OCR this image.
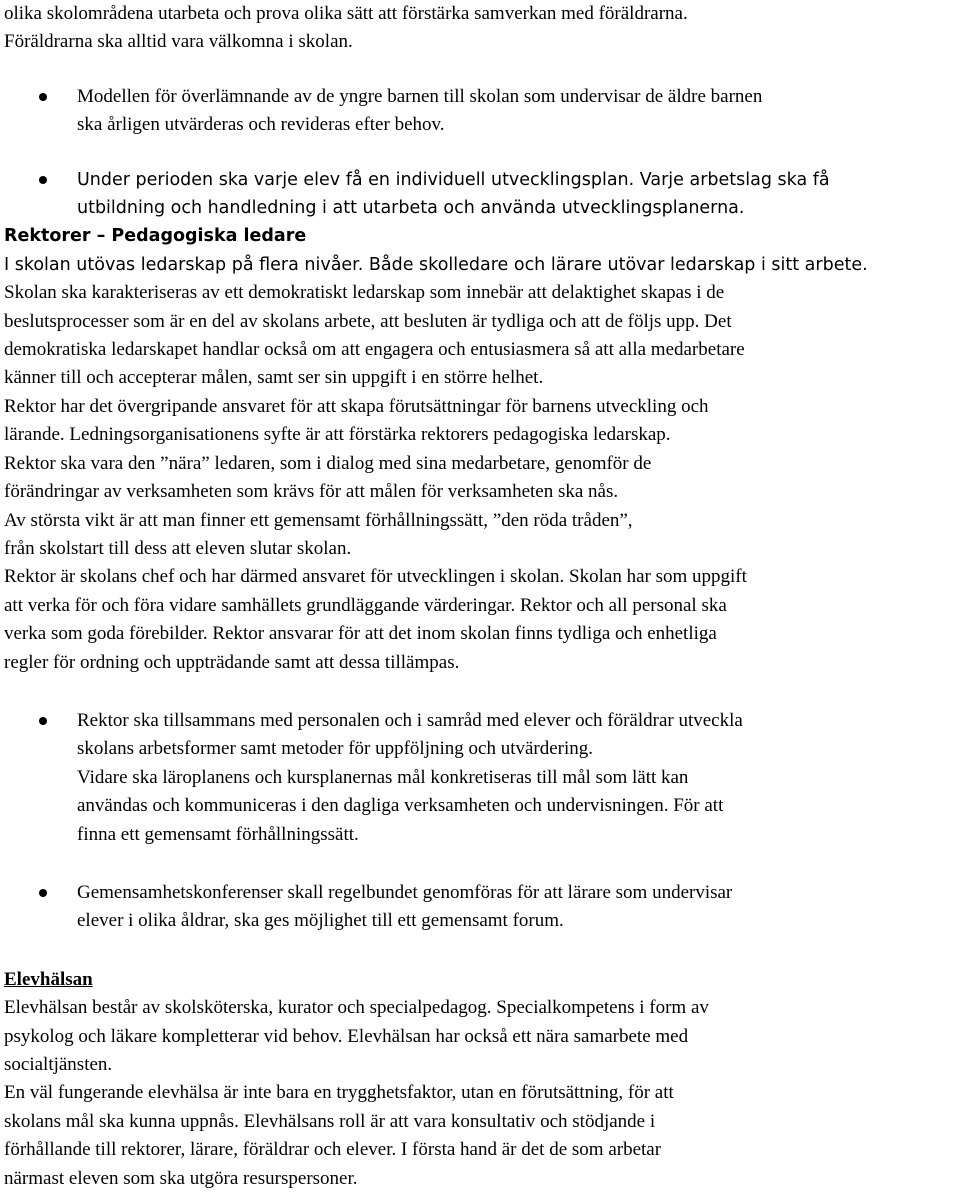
olika skolområdena utarbeta och prova olika sätt att förstärka samverkan med föräldrarna.
Föräldrarna ska alltid vara välkomna i skolan.

Modellen för överlämnande av de yngre barnen till skolan som undervisar de äldre barnen
ska årligen utvärderas och revideras efter behov.

Under perioden ska varje elev få en individuell utvecklingsplan. Varje arbetslag ska få
utbildning och handledning i att utarbeta och använda utvecklingsplanerna.

Rektorer – Pedagogiska ledare

I skolan utövas ledarskap på flera nivåer. Både skolledare och lärare utövar ledarskap i sitt arbete.

Skolan ska karakteriseras av ett demokratiskt ledarskap som innebär att delaktighet skapas i de
beslutsprocesser som är en del av skolans arbete, att besluten är tydliga och att de följs upp. Det
demokratiska ledarskapet handlar också om att engagera och entusiasmera så att alla medarbetare
känner till och accepterar målen, samt ser sin uppgift i en större helhet.

Rektor har det övergripande ansvaret för att skapa förutsättningar för barnens utveckling och
lärande. Ledningsorganisationens syfte är att förstärka rektorers pedagogiska ledarskap.

Rektor ska vara den ”nära” ledaren, som i dialog med sina medarbetare, genomför de
förändringar av verksamheten som krävs för att målen för verksamheten ska nås.

Av största vikt är att man finner ett gemensamt förhållningssätt, ”den röda tråden”,
från skolstart till dess att eleven slutar skolan.

Rektor är skolans chef och har därmed ansvaret för utvecklingen i skolan. Skolan har som uppgift
att verka för och föra vidare samhällets grundläggande värderingar. Rektor och all personal ska
verka som goda förebilder. Rektor ansvarar för att det inom skolan finns tydliga och enhetliga
regler för ordning och uppträdande samt att dessa tillämpas.

Rektor ska tillsammans med personalen och i samråd med elever och föräldrar utveckla
skolans arbetsformer samt metoder för uppföljning och utvärdering.
Vidare ska läroplanens och kursplanernas mål konkretiseras till mål som lätt kan
användas och kommuniceras i den dagliga verksamheten och undervisningen. För att
finna ett gemensamt förhållningssätt.

Gemensamhetskonferenser skall regelbundet genomföras för att lärare som undervisar
elever i olika åldrar, ska ges möjlighet till ett gemensamt forum.

Elevhälsan

Elevhälsan består av skolsköterska, kurator och specialpedagog. Specialkompetens i form av
psykolog och läkare kompletterar vid behov. Elevhälsan har också ett nära samarbete med
socialtjänsten.

En väl fungerande elevhälsa är inte bara en trygghetsfaktor, utan en förutsättning, för att
skolans mål ska kunna uppnås. Elevhälsans roll är att vara konsultativ och stödjande i
förhållande till rektorer, lärare, föräldrar och elever. I första hand är det de som arbetar
närmast eleven som ska utgöra resurspersoner.
